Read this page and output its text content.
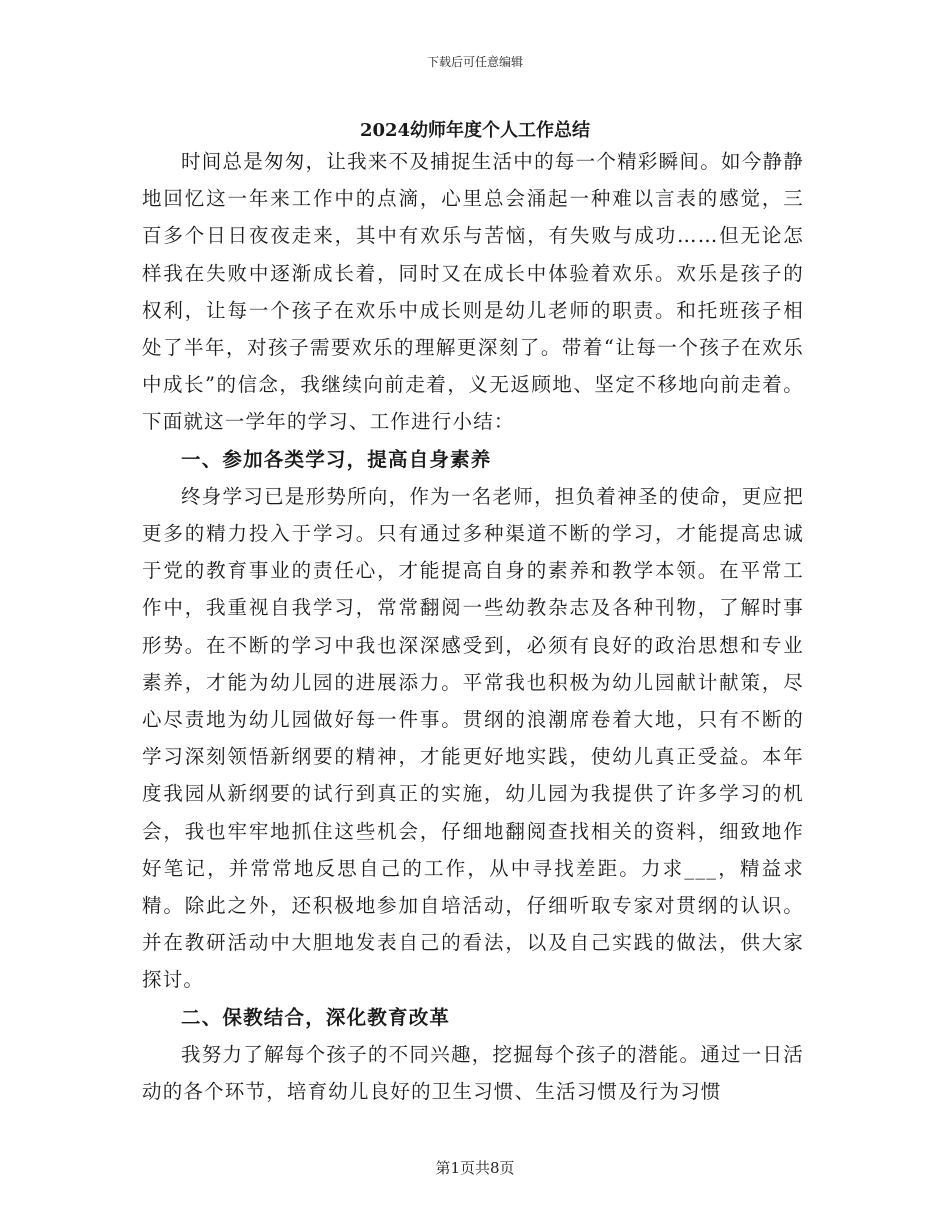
下载后可任意编辑
2024幼师年度个人工作总结

时间总是匆匆，让我来不及捕捉生活中的每一个精彩瞬间。如今静静地回忆这一年来工作中的点滴，心里总会涌起一种难以言表的感觉，三百多个日日夜夜走来，其中有欢乐与苦恼，有失败与成功……但无论怎样我在失败中逐渐成长着，同时又在成长中体验着欢乐。欢乐是孩子的权利，让每一个孩子在欢乐中成长则是幼儿老师的职责。和托班孩子相处了半年，对孩子需要欢乐的理解更深刻了。带着“让每一个孩子在欢乐中成长”的信念，我继续向前走着，义无返顾地、坚定不移地向前走着。下面就这一学年的学习、工作进行小结：

一、参加各类学习，提高自身素养

终身学习已是形势所向，作为一名老师，担负着神圣的使命，更应把更多的精力投入于学习。只有通过多种渠道不断的学习，才能提高忠诚于党的教育事业的责任心，才能提高自身的素养和教学本领。在平常工作中，我重视自我学习，常常翻阅一些幼教杂志及各种刊物，了解时事形势。在不断的学习中我也深深感受到，必须有良好的政治思想和专业素养，才能为幼儿园的进展添力。平常我也积极为幼儿园献计献策，尽心尽责地为幼儿园做好每一件事。贯纲的浪潮席卷着大地，只有不断的学习深刻领悟新纲要的精神，才能更好地实践，使幼儿真正受益。本年度我园从新纲要的试行到真正的实施，幼儿园为我提供了许多学习的机会，我也牢牢地抓住这些机会，仔细地翻阅查找相关的资料，细致地作好笔记，并常常地反思自己的工作，从中寻找差距。力求___，精益求精。除此之外，还积极地参加自培活动，仔细听取专家对贯纲的认识。并在教研活动中大胆地发表自己的看法，以及自己实践的做法，供大家探讨。

二、保教结合，深化教育改革

我努力了解每个孩子的不同兴趣，挖掘每个孩子的潜能。通过一日活动的各个环节，培育幼儿良好的卫生习惯、生活习惯及行为习惯

第1页共8页
